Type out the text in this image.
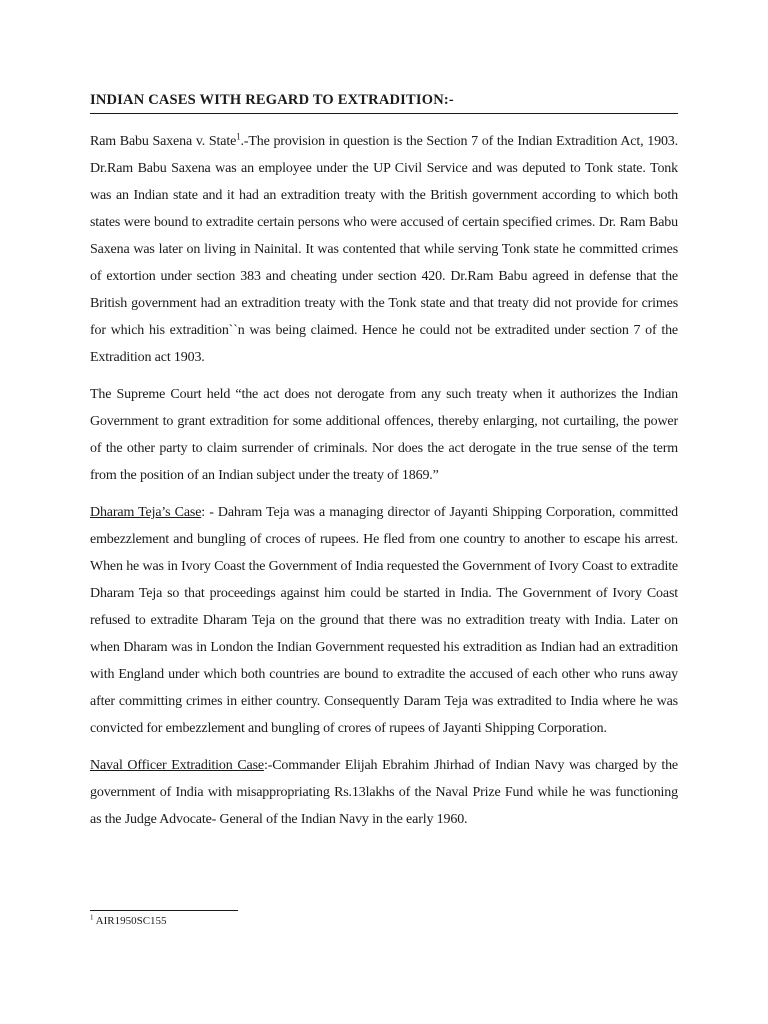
INDIAN CASES WITH REGARD TO EXTRADITION:-

Ram Babu Saxena v. State$^1$.-The provision in question is the Section 7 of the Indian Extradition Act, 1903. Dr.Ram Babu Saxena was an employee under the UP Civil Service and was deputed to Tonk state. Tonk was an Indian state and it had an extradition treaty with the British government according to which both states were bound to extradite certain persons who were accused of certain specified crimes. Dr. Ram Babu Saxena was later on living in Nainital. It was contented that while serving Tonk state he committed crimes of extortion under section 383 and cheating under section 420. Dr.Ram Babu agreed in defense that the British government had an extradition treaty with the Tonk state and that treaty did not provide for crimes for which his extradition``n was being claimed. Hence he could not be extradited under section 7 of the Extradition act 1903.

The Supreme Court held “the act does not derogate from any such treaty when it authorizes the Indian Government to grant extradition for some additional offences, thereby enlarging, not curtailing, the power of the other party to claim surrender of criminals. Nor does the act derogate in the true sense of the term from the position of an Indian subject under the treaty of 1869.”

Dharam Teja’s Case: - Dahram Teja was a managing director of Jayanti Shipping Corporation, committed embezzlement and bungling of croces of rupees. He fled from one country to another to escape his arrest. When he was in Ivory Coast the Government of India requested the Government of Ivory Coast to extradite Dharam Teja so that proceedings against him could be started in India. The Government of Ivory Coast refused to extradite Dharam Teja on the ground that there was no extradition treaty with India. Later on when Dharam was in London the Indian Government requested his extradition as Indian had an extradition with England under which both countries are bound to extradite the accused of each other who runs away after committing crimes in either country. Consequently Daram Teja was extradited to India where he was convicted for embezzlement and bungling of crores of rupees of Jayanti Shipping Corporation.

Naval Officer Extradition Case:-Commander Elijah Ebrahim Jhirhad of Indian Navy was charged by the government of India with misappropriating Rs.13lakhs of the Naval Prize Fund while he was functioning as the Judge Advocate- General of the Indian Navy in the early 1960.

$^1$ AIR1950SC155
